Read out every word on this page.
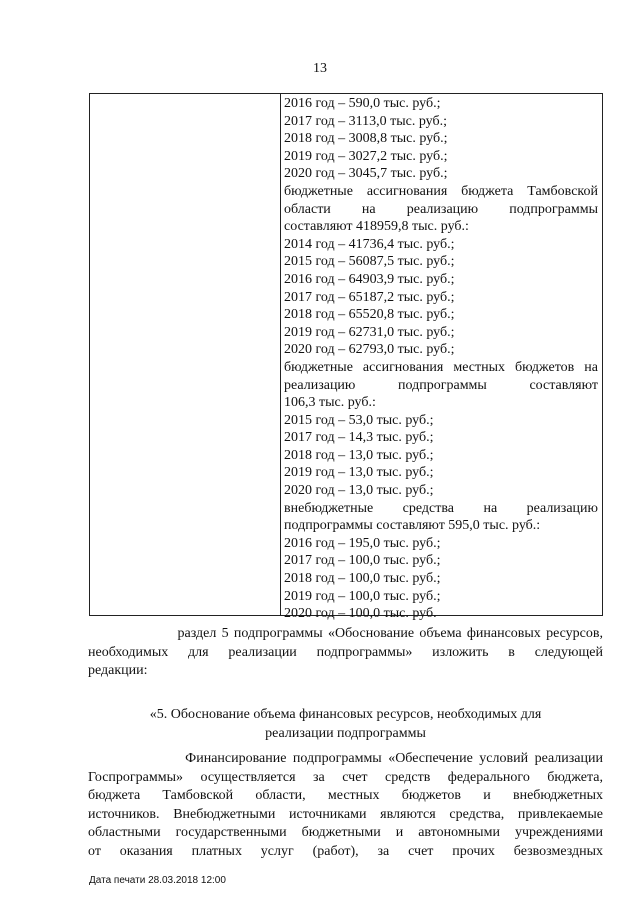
13
2016 год – 590,0 тыс. руб.;
2017 год – 3113,0 тыс. руб.;
2018 год – 3008,8 тыс. руб.;
2019 год – 3027,2 тыс. руб.;
2020 год – 3045,7 тыс. руб.;
бюджетные ассигнования бюджета Тамбовской
области на реализацию подпрограммы
составляют 418959,8 тыс. руб.:
2014 год – 41736,4 тыс. руб.;
2015 год – 56087,5 тыс. руб.;
2016 год – 64903,9 тыс. руб.;
2017 год – 65187,2 тыс. руб.;
2018 год – 65520,8 тыс. руб.;
2019 год – 62731,0 тыс. руб.;
2020 год – 62793,0 тыс. руб.;
бюджетные ассигнования местных бюджетов на
реализацию подпрограммы составляют
106,3 тыс. руб.:
2015 год – 53,0 тыс. руб.;
2017 год – 14,3 тыс. руб.;
2018 год – 13,0 тыс. руб.;
2019 год – 13,0 тыс. руб.;
2020 год – 13,0 тыс. руб.;
внебюджетные средства на реализацию
подпрограммы составляют 595,0 тыс. руб.:
2016 год – 195,0 тыс. руб.;
2017 год – 100,0 тыс. руб.;
2018 год – 100,0 тыс. руб.;
2019 год – 100,0 тыс. руб.;
2020 год – 100,0 тыс. руб.
раздел 5 подпрограммы «Обоснование объема финансовых ресурсов,
необходимых для реализации подпрограммы» изложить в следующей
редакции:
«5. Обоснование объема финансовых ресурсов, необходимых для
реализации подпрограммы
Финансирование подпрограммы «Обеспечение условий реализации
Госпрограммы» осуществляется за счет средств федерального бюджета,
бюджета Тамбовской области, местных бюджетов и внебюджетных
источников. Внебюджетными источниками являются средства, привлекаемые
областными государственными бюджетными и автономными учреждениями
от оказания платных услуг (работ), за счет прочих безвозмездных
Дата печати 28.03.2018 12:00
